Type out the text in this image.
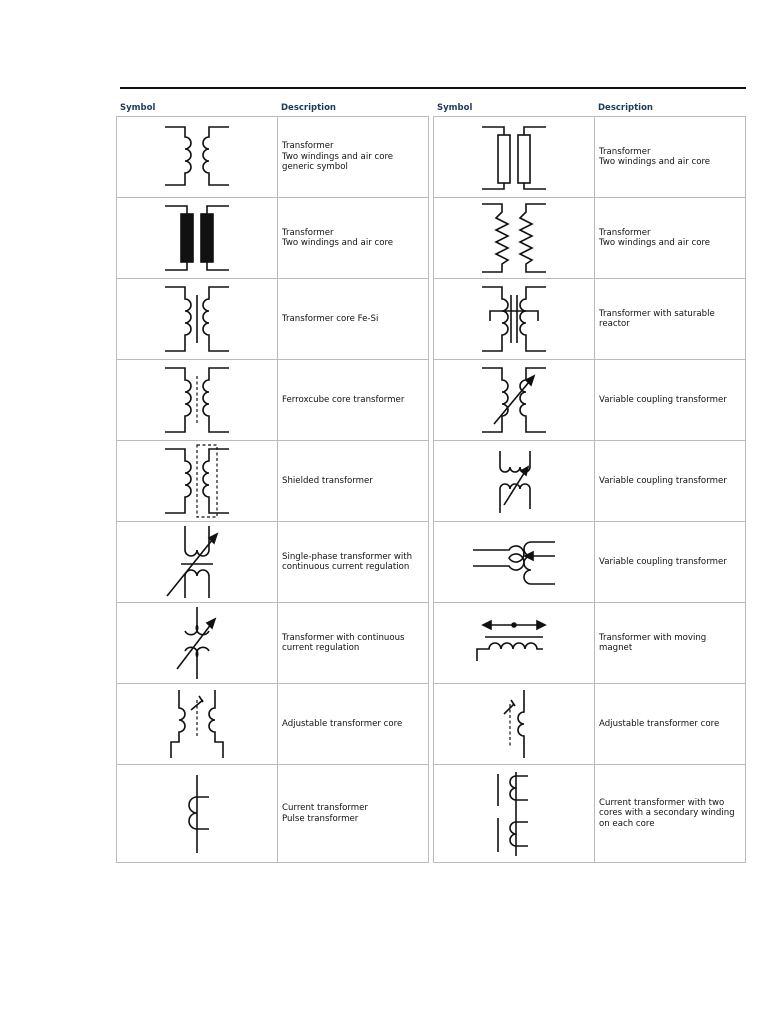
Symbol	Description
Transformer
Two windings and air core
generic symbol
Transformer
Two windings and air core
Transformer core Fe-Si
Ferroxcube core transformer
Shielded transformer
Single-phase transformer with
continuous current regulation
Transformer with continuous
current regulation
Adjustable transformer core
Current transformer
Pulse transformer
Symbol	Description
Transformer
Two windings and air core
Transformer
Two windings and air core
Transformer with saturable
reactor
Variable coupling transformer
Variable coupling transformer
Variable coupling transformer
Transformer with moving
magnet
Adjustable transformer core
Current transformer with two
cores with a secondary winding
on each core
